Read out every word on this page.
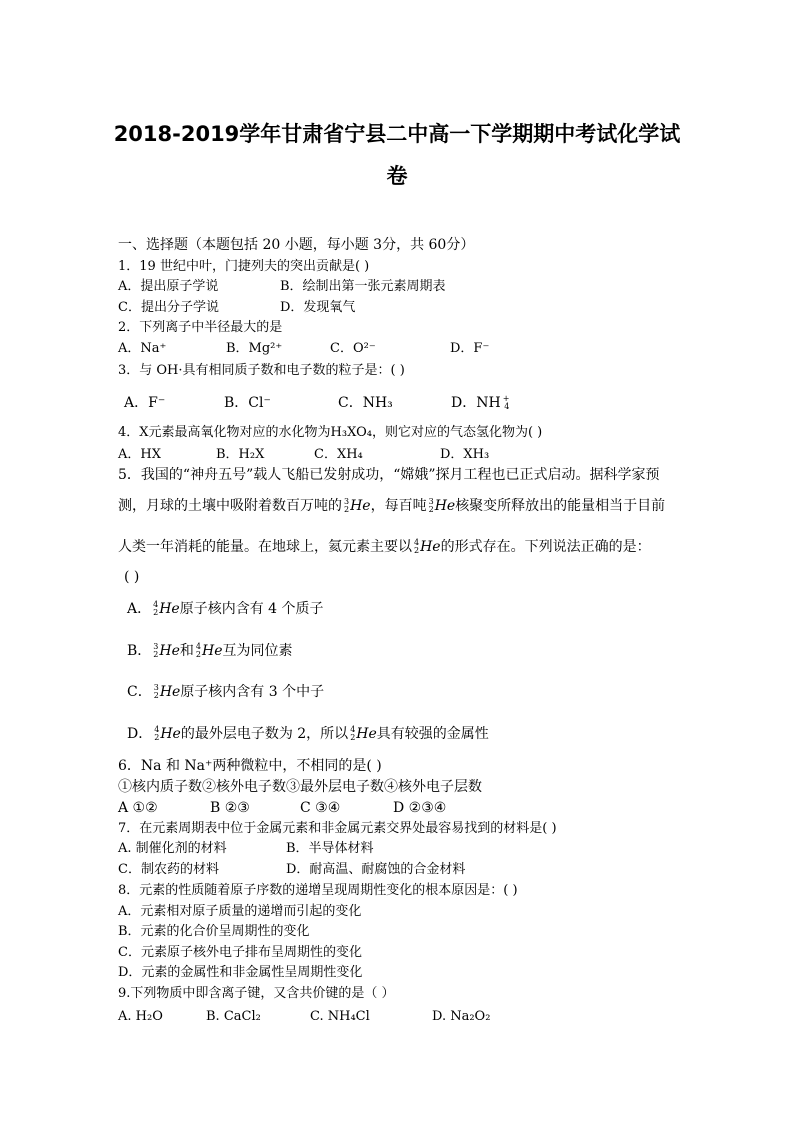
2018-2019学年甘肃省宁县二中高一下学期期中考试化学试
卷
一、选择题（本题包括 20 小题，每小题 3分，共 60分）
1．19 世纪中叶，门捷列夫的突出贡献是( )
A．提出原子学说	B．绘制出第一张元素周期表
C．提出分子学说	D．发现氧气
2．下列离子中半径最大的是
A．Na⁺	B．Mg²⁺	C．O²⁻	D．F⁻
3．与 OH·具有相同质子数和电子数的粒子是：( )
A．F⁻	B．Cl⁻	C．NH₃	D．NH +
4
4．X元素最高氧化物对应的水化物为H₃XO₄，则它对应的气态氢化物为( )
A．HX	B．H₂X	C．XH₄	D．XH₃
5．我国的“神舟五号”载人飞船已发射成功，“嫦娥”探月工程也已正式启动。据科学家预
测，月球的土壤中吸附着数百万吨的 3
2 He，每百吨 3
2 He核聚变所释放出的能量相当于目前
人类一年消耗的能量。在地球上，氦元素主要以 4
2 He的形式存在。下列说法正确的是：
( )
A． 4
2 He原子核内含有 4 个质子
B． 3
2 He和 4
2 He互为同位素
C． 3
2 He原子核内含有 3 个中子
D． 4
2 He的最外层电子数为 2，所以 4
2 He具有较强的金属性
6．Na 和 Na⁺两种微粒中，不相同的是( )
①核内质子数②核外电子数③最外层电子数④核外电子层数
A ①②	B ②③	C ③④	D ②③④
7．在元素周期表中位于金属元素和非金属元素交界处最容易找到的材料是( )
A. 制催化剂的材料	B．半导体材料
C．制农药的材料	D．耐高温、耐腐蚀的合金材料
8．元素的性质随着原子序数的递增呈现周期性变化的根本原因是：( )
A．元素相对原子质量的递增而引起的变化
B．元素的化合价呈周期性的变化
C．元素原子核外电子排布呈周期性的变化
D．元素的金属性和非金属性呈周期性变化
9.下列物质中即含离子键，又含共价键的是（ ）
A. H₂O	B. CaCl₂	C. NH₄Cl	D. Na₂O₂
